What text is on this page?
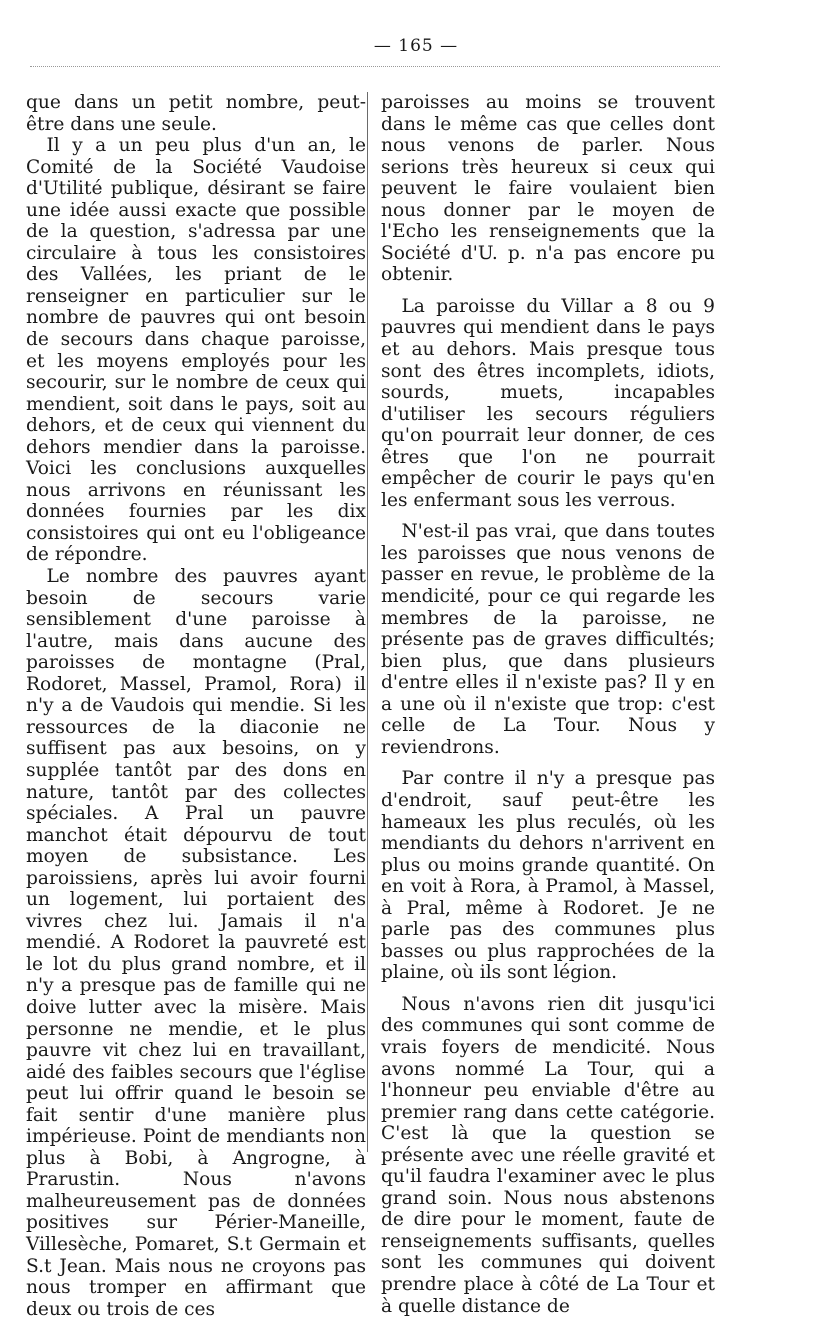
— 165 —

que dans un petit nombre, peut-être dans une seule.

Il y a un peu plus d'un an, le Comité de la Société Vaudoise d'Utilité publique, désirant se faire une idée aussi exacte que possible de la question, s'adressa par une circulaire à tous les consistoires des Vallées, les priant de le renseigner en particulier sur le nombre de pauvres qui ont besoin de secours dans chaque paroisse, et les moyens employés pour les secourir, sur le nombre de ceux qui mendient, soit dans le pays, soit au dehors, et de ceux qui viennent du dehors mendier dans la paroisse. Voici les conclusions auxquelles nous arrivons en réunissant les données fournies par les dix consistoires qui ont eu l'obligeance de répondre.

Le nombre des pauvres ayant besoin de secours varie sensiblement d'une paroisse à l'autre, mais dans aucune des paroisses de montagne (Pral, Rodoret, Massel, Pramol, Rora) il n'y a de Vaudois qui mendie. Si les ressources de la diaconie ne suffisent pas aux besoins, on y supplée tantôt par des dons en nature, tantôt par des collectes spéciales. A Pral un pauvre manchot était dépourvu de tout moyen de subsistance. Les paroissiens, après lui avoir fourni un logement, lui portaient des vivres chez lui. Jamais il n'a mendié. A Rodoret la pauvreté est le lot du plus grand nombre, et il n'y a presque pas de famille qui ne doive lutter avec la misère. Mais personne ne mendie, et le plus pauvre vit chez lui en travaillant, aidé des faibles secours que l'église peut lui offrir quand le besoin se fait sentir d'une manière plus impérieuse. Point de mendiants non plus à Bobi, à Angrogne, à Prarustin. Nous n'avons malheureusement pas de données positives sur Périer-Maneille, Villesèche, Pomaret, S.t Germain et S.t Jean. Mais nous ne croyons pas nous tromper en affirmant que deux ou trois de ces

paroisses au moins se trouvent dans le même cas que celles dont nous venons de parler. Nous serions très heureux si ceux qui peuvent le faire voulaient bien nous donner par le moyen de l'Echo les renseignements que la Société d'U. p. n'a pas encore pu obtenir.

La paroisse du Villar a 8 ou 9 pauvres qui mendient dans le pays et au dehors. Mais presque tous sont des êtres incomplets, idiots, sourds, muets, incapables d'utiliser les secours réguliers qu'on pourrait leur donner, de ces êtres que l'on ne pourrait empêcher de courir le pays qu'en les enfermant sous les verrous.

N'est-il pas vrai, que dans toutes les paroisses que nous venons de passer en revue, le problème de la mendicité, pour ce qui regarde les membres de la paroisse, ne présente pas de graves difficultés; bien plus, que dans plusieurs d'entre elles il n'existe pas? Il y en a une où il n'existe que trop: c'est celle de La Tour. Nous y reviendrons.

Par contre il n'y a presque pas d'endroit, sauf peut-être les hameaux les plus reculés, où les mendiants du dehors n'arrivent en plus ou moins grande quantité. On en voit à Rora, à Pramol, à Massel, à Pral, même à Rodoret. Je ne parle pas des communes plus basses ou plus rapprochées de la plaine, où ils sont légion.

Nous n'avons rien dit jusqu'ici des communes qui sont comme de vrais foyers de mendicité. Nous avons nommé La Tour, qui a l'honneur peu enviable d'être au premier rang dans cette catégorie. C'est là que la question se présente avec une réelle gravité et qu'il faudra l'examiner avec le plus grand soin. Nous nous abstenons de dire pour le moment, faute de renseignements suffisants, quelles sont les communes qui doivent prendre place à côté de La Tour et à quelle distance de
